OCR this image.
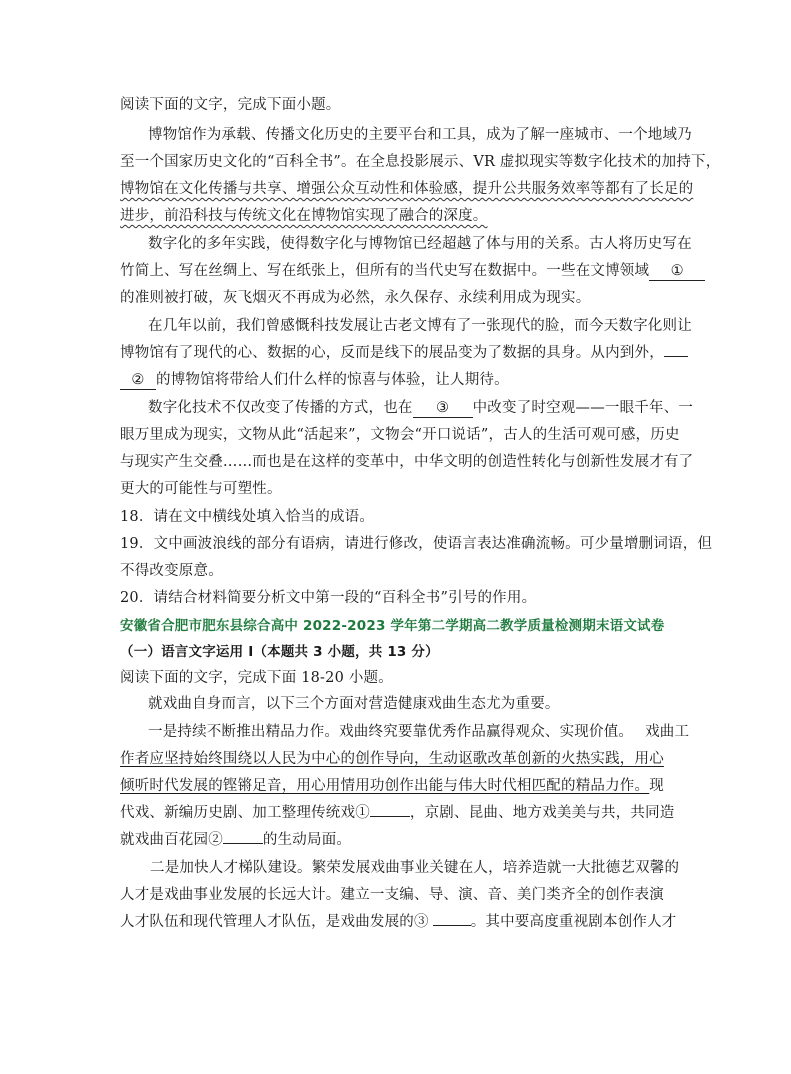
阅读下面的文字，完成下面小题。
博物馆作为承载、传播文化历史的主要平台和工具，成为了解一座城市、一个地域乃
至一个国家历史文化的“百科全书”。在全息投影展示、VR 虚拟现实等数字化技术的加持下，
博物馆在文化传播与共享、增强公众互动性和体验感，提升公共服务效率等都有了长足的
进步，前沿科技与传统文化在博物馆实现了融合的深度。
数字化的多年实践，使得数字化与博物馆已经超越了体与用的关系。古人将历史写在
竹简上、写在丝绸上、写在纸张上，但所有的当代史写在数据中。一些在文博领域 ①
的准则被打破，灰飞烟灭不再成为必然，永久保存、永续利用成为现实。
在几年以前，我们曾感慨科技发展让古老文博有了一张现代的脸，而今天数字化则让
博物馆有了现代的心、数据的心，反而是线下的展品变为了数据的具身。从内到外，
② 的博物馆将带给人们什么样的惊喜与体验，让人期待。
数字化技术不仅改变了传播的方式，也在 ③ 中改变了时空观——一眼千年、一
眼万里成为现实，文物从此“活起来”，文物会“开口说话”，古人的生活可观可感，历史
与现实产生交叠……而也是在这样的变革中，中华文明的创造性转化与创新性发展才有了
更大的可能性与可塑性。
18．请在文中横线处填入恰当的成语。
19．文中画波浪线的部分有语病，请进行修改，使语言表达准确流畅。可少量增删词语，但
不得改变原意。
20．请结合材料简要分析文中第一段的“百科全书”引号的作用。
安徽省合肥市肥东县综合高中 2022-2023 学年第二学期高二教学质量检测期末语文试卷
（一）语言文字运用 I（本题共 3 小题，共 13 分）
阅读下面的文字，完成下面 18-20 小题。
就戏曲自身而言，以下三个方面对营造健康戏曲生态尤为重要。
一是持续不断推出精品力作。戏曲终究要靠优秀作品赢得观众、实现价值。 戏曲工
作者应坚持始终围绕以人民为中心的创作导向，生动讴歌改革创新的火热实践，用心
倾听时代发展的铿锵足音，用心用情用功创作出能与伟大时代相匹配的精品力作。现
代戏、新编历史剧、加工整理传统戏①	，京剧、昆曲、地方戏美美与共，共同造
就戏曲百花园②	的生动局面。
二是加快人才梯队建设。繁荣发展戏曲事业关键在人，培养造就一大批德艺双馨的
人才是戏曲事业发展的长远大计。建立一支编、导、演、音、美门类齐全的创作表演
人才队伍和现代管理人才队伍，是戏曲发展的③	。其中要高度重视剧本创作人才
